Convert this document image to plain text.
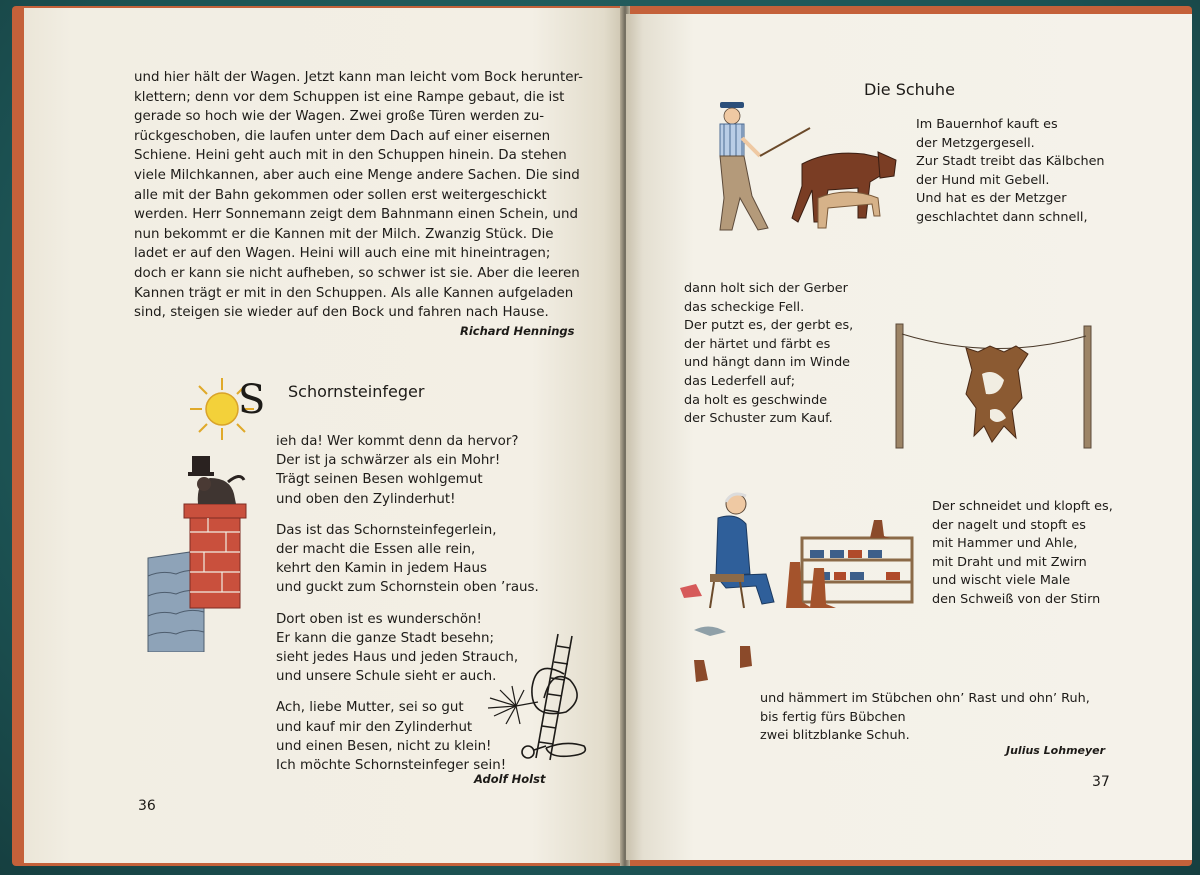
und hier hält der Wagen. Jetzt kann man leicht vom Bock herunter-

klettern; denn vor dem Schuppen ist eine Rampe gebaut, die ist

gerade so hoch wie der Wagen. Zwei große Türen werden zu-

rückgeschoben, die laufen unter dem Dach auf einer eisernen

Schiene. Heini geht auch mit in den Schuppen hinein. Da stehen

viele Milchkannen, aber auch eine Menge andere Sachen. Die sind

alle mit der Bahn gekommen oder sollen erst weitergeschickt

werden. Herr Sonnemann zeigt dem Bahnmann einen Schein, und

nun bekommt er die Kannen mit der Milch. Zwanzig Stück. Die

ladet er auf den Wagen. Heini will auch eine mit hineintragen;

doch er kann sie nicht aufheben, so schwer ist sie. Aber die leeren

Kannen trägt er mit in den Schuppen. Als alle Kannen aufgeladen

sind, steigen sie wieder auf den Bock und fahren nach Hause.

Richard Hennings
S Schornsteinfeger
ieh da! Wer kommt denn da hervor?
Der ist ja schwärzer als ein Mohr!
Trägt seinen Besen wohlgemut
und oben den Zylinderhut!
Das ist das Schornsteinfegerlein,
der macht die Essen alle rein,
kehrt den Kamin in jedem Haus
und guckt zum Schornstein oben ’raus.
Dort oben ist es wunderschön!
Er kann die ganze Stadt besehn;
sieht jedes Haus und jeden Strauch,
und unsere Schule sieht er auch.
Ach, liebe Mutter, sei so gut
und kauf mir den Zylinderhut
und einen Besen, nicht zu klein!
Ich möchte Schornsteinfeger sein!
Adolf Holst
36
Die Schuhe
Im Bauernhof kauft es
der Metzgergesell.
Zur Stadt treibt das Kälbchen
der Hund mit Gebell.
Und hat es der Metzger
geschlachtet dann schnell,
dann holt sich der Gerber
das scheckige Fell.
Der putzt es, der gerbt es,
der härtet und färbt es
und hängt dann im Winde
das Lederfell auf;
da holt es geschwinde
der Schuster zum Kauf.
Der schneidet und klopft es,
der nagelt und stopft es
mit Hammer und Ahle,
mit Draht und mit Zwirn
und wischt viele Male
den Schweiß von der Stirn
und hämmert im Stübchen ohn’ Rast und ohn’ Ruh,
bis fertig fürs Bübchen
zwei blitzblanke Schuh.
Julius Lohmeyer
37
